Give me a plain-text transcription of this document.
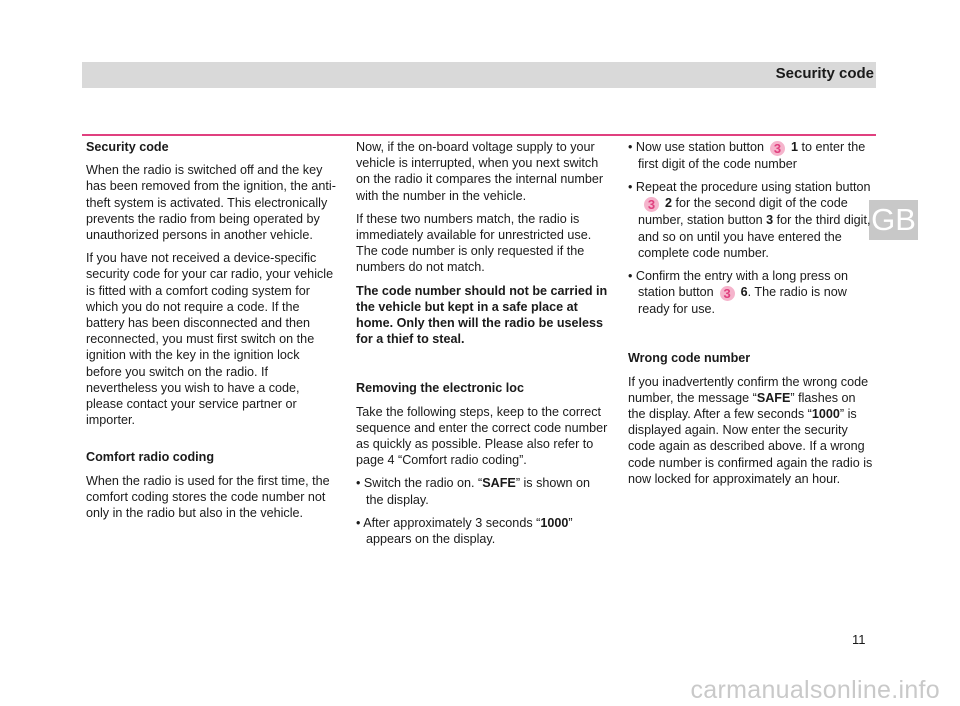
Security code
GB

Security code

When the radio is switched off and the key has been removed from the ignition, the anti-theft system is activated. This electronically prevents the radio from being operated by unauthorized persons in another vehicle.

If you have not received a device-specific security code for your car radio, your vehicle is fitted with a comfort coding system for which you do not require a code. If the battery has been disconnected and then reconnected, you must first switch on the ignition with the key in the ignition lock before you switch on the radio. If nevertheless you wish to have a code, please contact your service partner or importer.

Comfort radio coding

When the radio is used for the first time, the comfort coding stores the code number not only in the radio but also in the vehicle.

Now, if the on-board voltage supply to your vehicle is interrupted, when you next switch on the radio it compares the internal number with the number in the vehicle.

If these two numbers match, the radio is immediately available for unrestricted use. The code number is only requested if the numbers do not match.

The code number should not be carried in the vehicle but kept in a safe place at home. Only then will the radio be useless for a thief to steal.

Removing the electronic loc

Take the following steps, keep to the correct sequence and enter the correct code number as quickly as possible. Please also refer to page 4 “Comfort radio coding”.

• Switch the radio on. “SAFE” is shown on the display.

• After approximately 3 seconds “1000” appears on the display.

• Now use station button 3 1 to enter the first digit of the code number

• Repeat the procedure using station button3 2 for the second digit of the code number, station button 3 for the third digit, and so on until you have entered the complete code number.

• Confirm the entry with a long press on station button 3 6. The radio is now ready for use.

Wrong code number

If you inadvertently confirm the wrong code number, the message “SAFE” flashes on the display. After a few seconds “1000” is displayed again. Now enter the security code again as described above. If a wrong code number is confirmed again the radio is now locked for approximately an hour.

11
carmanualsonline.info
